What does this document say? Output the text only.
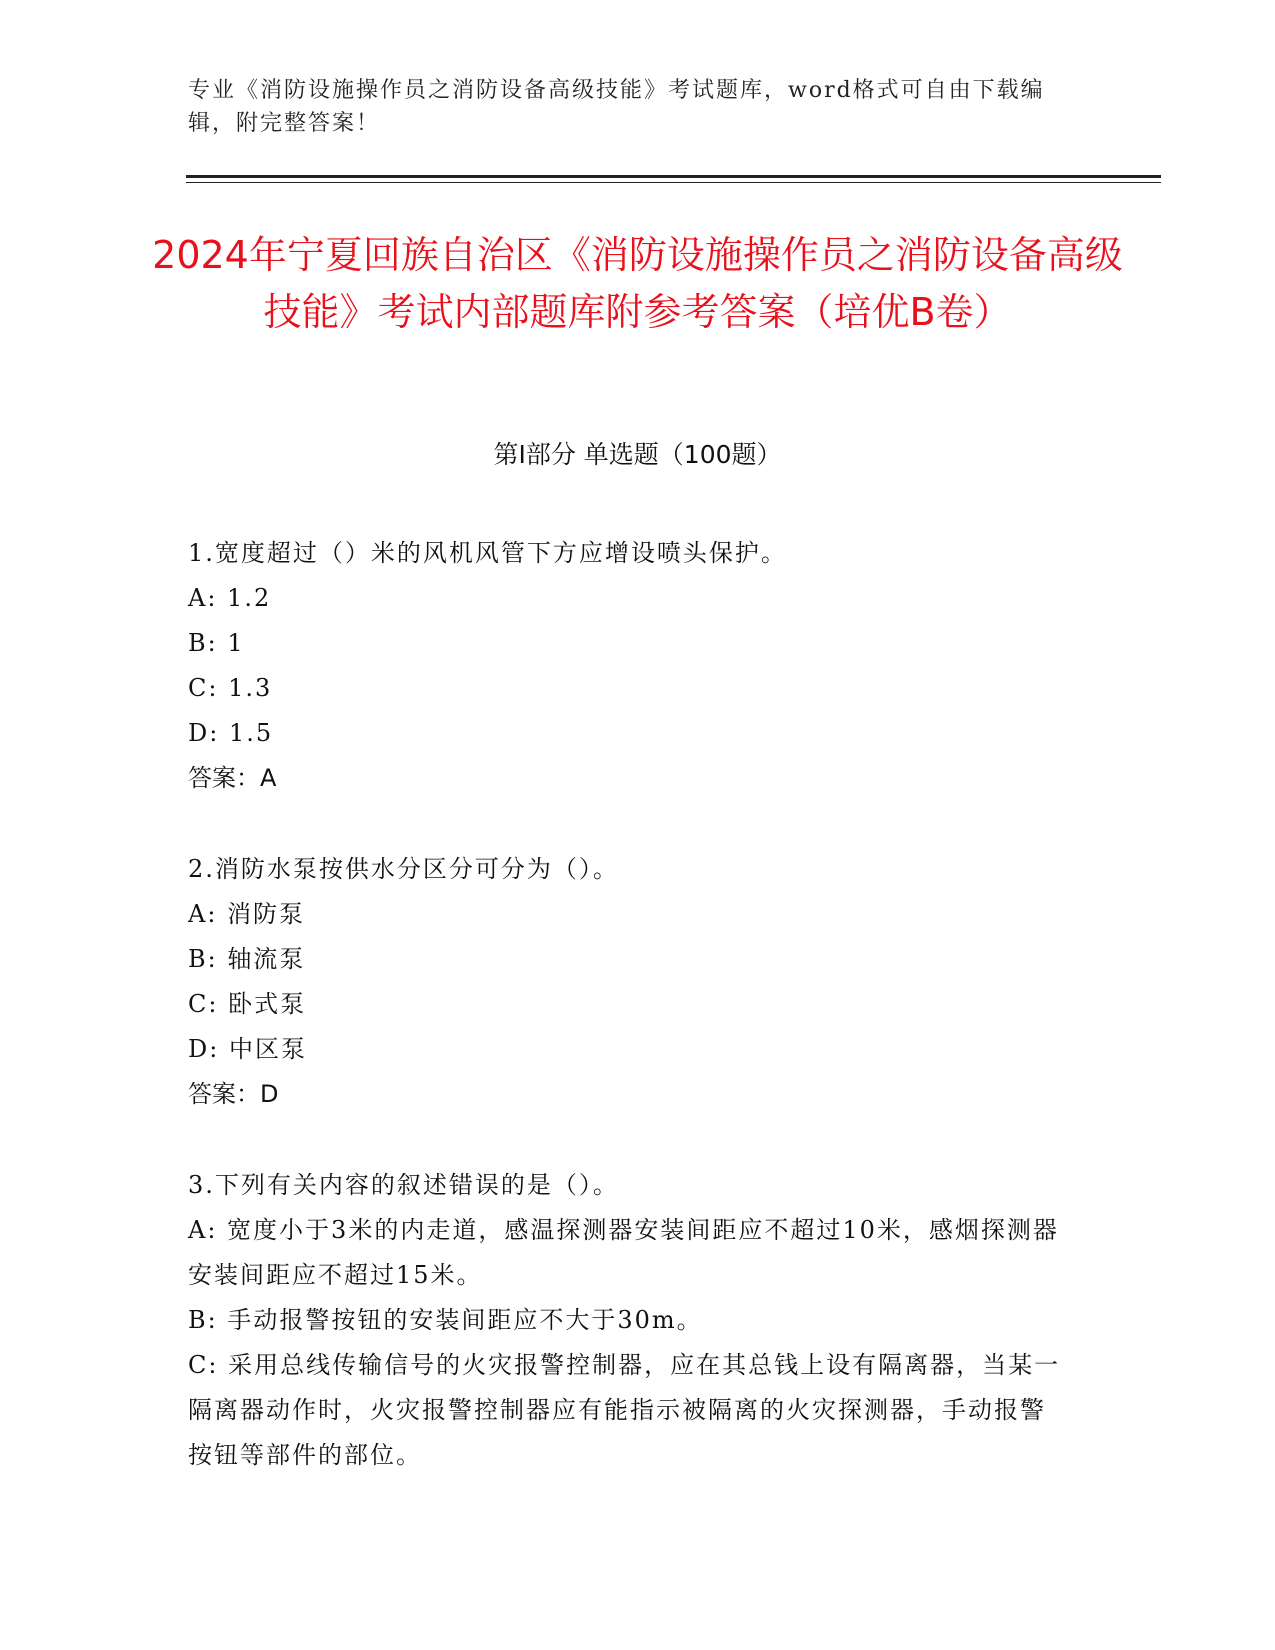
专业《消防设施操作员之消防设备高级技能》考试题库，word格式可自由下载编辑，附完整答案！
2024年宁夏回族自治区《消防设施操作员之消防设备高级技能》考试内部题库附参考答案（培优B卷）
第I部分 单选题（100题）

1.宽度超过（）米的风机风管下方应增设喷头保护。

A: 1.2

B: 1

C: 1.3

D: 1.5

答案：A

2.消防水泵按供水分区分可分为（）。

A: 消防泵

B: 轴流泵

C: 卧式泵

D: 中区泵

答案：D

3.下列有关内容的叙述错误的是（）。

A: 宽度小于3米的内走道，感温探测器安装间距应不超过10米，感烟探测器安装间距应不超过15米。

B: 手动报警按钮的安装间距应不大于30m。

C: 采用总线传输信号的火灾报警控制器，应在其总钱上设有隔离器，当某一隔离器动作时，火灾报警控制器应有能指示被隔离的火灾探测器，手动报警按钮等部件的部位。
